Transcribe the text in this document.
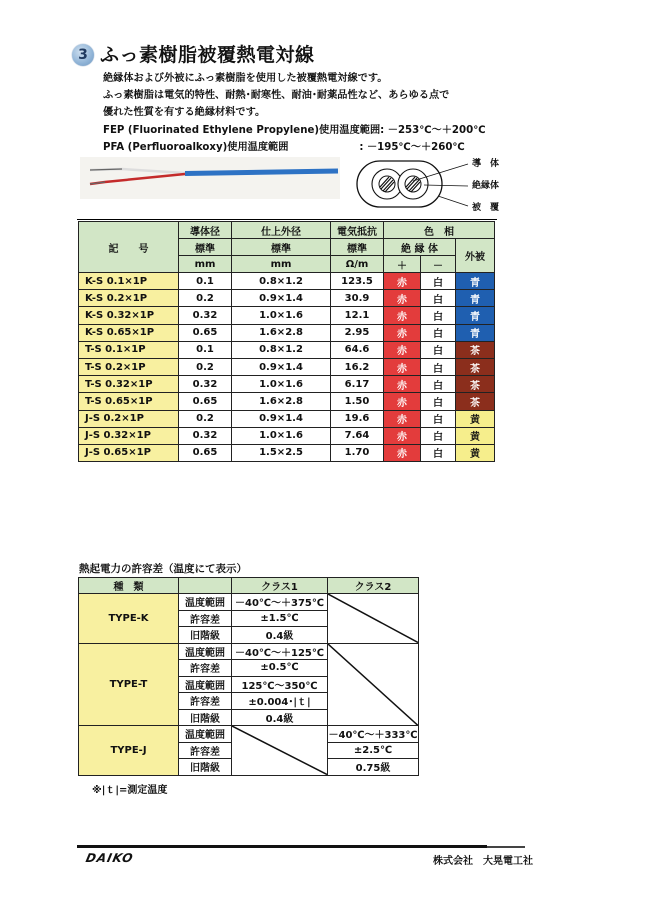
3 ふっ素樹脂被覆熱電対線
絶縁体および外被にふっ素樹脂を使用した被覆熱電対線です。
ふっ素樹脂は電気的特性、耐熱･耐寒性、耐油･耐薬品性など、あらゆる点で
優れた性質を有する絶縁材料です。
FEP (Fluorinated Ethylene Propylene)使用温度範囲: －253℃～＋200℃
PFA (Perfluoroalkoxy)使用温度範囲                    : －195℃～＋260℃
導　体
絶縁体
被　覆
記　　号	導体径	仕上外径	電気抵抗	色　相		
	標準	標準	標準	絶 縁 体		外被
	mm	mm	Ω/m	＋	－	
K-S 0.1×1P	0.1	0.8×1.2	123.5	赤	白	青
K-S 0.2×1P	0.2	0.9×1.4	30.9	赤	白	青
K-S 0.32×1P	0.32	1.0×1.6	12.1	赤	白	青
K-S 0.65×1P	0.65	1.6×2.8	2.95	赤	白	青
T-S 0.1×1P	0.1	0.8×1.2	64.6	赤	白	茶
T-S 0.2×1P	0.2	0.9×1.4	16.2	赤	白	茶
T-S 0.32×1P	0.32	1.0×1.6	6.17	赤	白	茶
T-S 0.65×1P	0.65	1.6×2.8	1.50	赤	白	茶
J-S 0.2×1P	0.2	0.9×1.4	19.6	赤	白	黄
J-S 0.32×1P	0.32	1.0×1.6	7.64	赤	白	黄
J-S 0.65×1P	0.65	1.5×2.5	1.70	赤	白	黄
熱起電力の許容差（温度にて表示）
種　類		クラス1	クラス2
TYPE-K	温度範囲	－40℃～＋375℃	

	許容差	±1.5℃	
	旧階級	0.4級	
TYPE-T	温度範囲	－40℃～＋125℃	

	許容差	±0.5℃	
	温度範囲	125℃～350℃	
	許容差	±0.004･|ｔ|	
	旧階級	0.4級	
TYPE-J	温度範囲		－40℃～＋333℃
	許容差		±2.5℃
	旧階級		0.75級
※|ｔ|=測定温度
DAIKO	株式会社　大晃電工社
